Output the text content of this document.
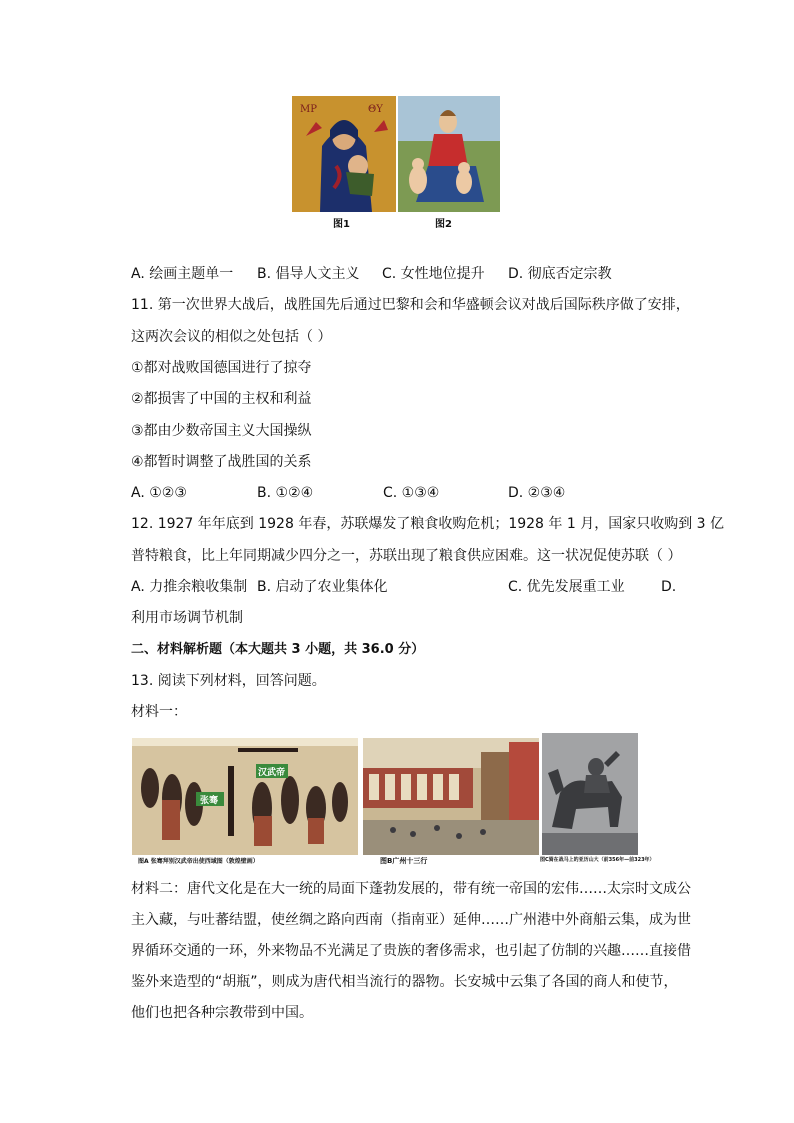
MP	ΘY
图1	图2
A. 绘画主题单一 B. 倡导人文主义 C. 女性地位提升 D. 彻底否定宗教
11. 第一次世界大战后，战胜国先后通过巴黎和会和华盛顿会议对战后国际秩序做了安排，
这两次会议的相似之处包括（ ）
①都对战败国德国进行了掠夺
②都损害了中国的主权和利益
③都由少数帝国主义大国操纵
④都暂时调整了战胜国的关系
A. ①②③	B. ①②④	C. ①③④	D. ②③④
12. 1927 年年底到 1928 年春，苏联爆发了粮食收购危机；1928 年 1 月，国家只收购到 3 亿
普特粮食，比上年同期减少四分之一，苏联出现了粮食供应困难。这一状况促使苏联（ ）
A. 力推余粮收集制 B. 启动了农业集体化	C. 优先发展重工业	D.
利用市场调节机制
二、材料解析题（本大题共 3 小题，共 36.0 分）
13. 阅读下列材料，回答问题。
材料一：
张骞
汉武帝
图A 张骞拜别汉武帝出使西域图（敦煌壁画）	图B广州十三行	图C骑在战马上的亚历山大（前356年—前323年）
材料二：唐代文化是在大一统的局面下蓬勃发展的，带有统一帝国的宏伟……太宗时文成公
主入藏，与吐蕃结盟，使丝绸之路向西南（指南亚）延伸……广州港中外商船云集，成为世
界循环交通的一环，外来物品不光满足了贵族的奢侈需求，也引起了仿制的兴趣……直接借
鉴外来造型的“胡瓶”，则成为唐代相当流行的器物。长安城中云集了各国的商人和使节，
他们也把各种宗教带到中国。
